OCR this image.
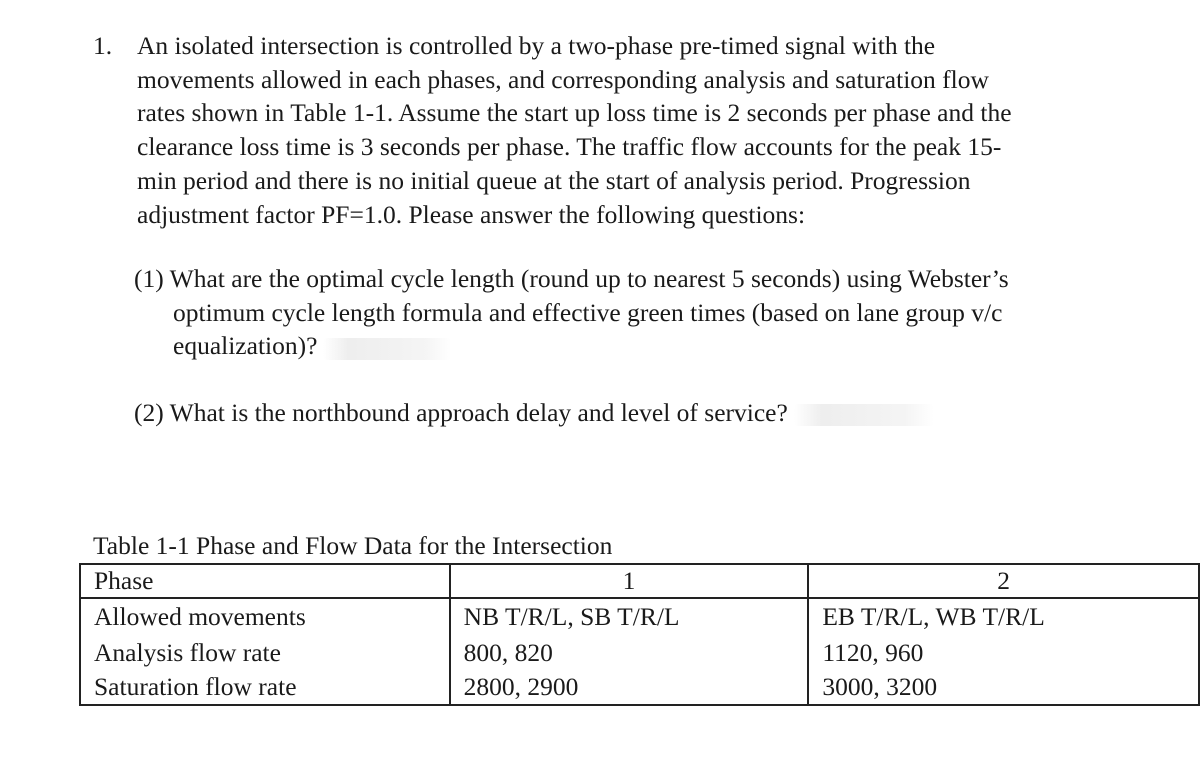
1. An isolated intersection is controlled by a two-phase pre-timed signal with the
movements allowed in each phases, and corresponding analysis and saturation flow
rates shown in Table 1-1. Assume the start up loss time is 2 seconds per phase and the
clearance loss time is 3 seconds per phase. The traffic flow accounts for the peak 15-
min period and there is no initial queue at the start of analysis period. Progression
adjustment factor PF=1.0. Please answer the following questions:
(1) What are the optimal cycle length (round up to nearest 5 seconds) using Webster’s
optimum cycle length formula and effective green times (based on lane group v/c
equalization)?
(2) What is the northbound approach delay and level of service?
Table 1-1 Phase and Flow Data for the Intersection
Phase	1	2
Allowed movements	NB T/R/L, SB T/R/L	EB T/R/L, WB T/R/L
Analysis flow rate	800, 820	1120, 960
Saturation flow rate	2800, 2900	3000, 3200
